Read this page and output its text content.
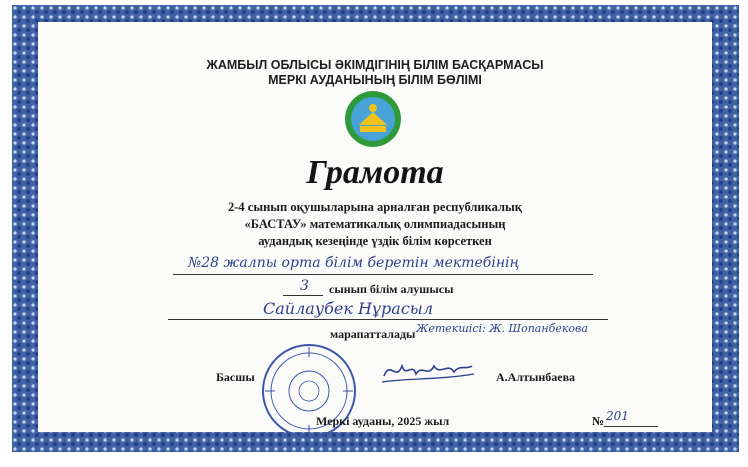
ЖАМБЫЛ ОБЛЫСЫ ӘКІМДІГІНІҢ БІЛІМ БАСҚАРМАСЫ
МЕРКІ АУДАНЫНЫҢ БІЛІМ БӨЛІМІ
Грамота
2-4 сынып оқушыларына арналған республикалық
«БАСТАУ» математикалық олимпиадасының
аудандық кезеңінде үздік білім көрсеткен
№28 жалпы орта білім беретін мектебінің
3 сынып білім алушысы
Сайлаубек Нұрасыл
марапатталады Жетекшісі: Ж. Шопанбекова
Басшы	А.Алтынбаева
Меркі ауданы, 2025 жыл	№ 201
